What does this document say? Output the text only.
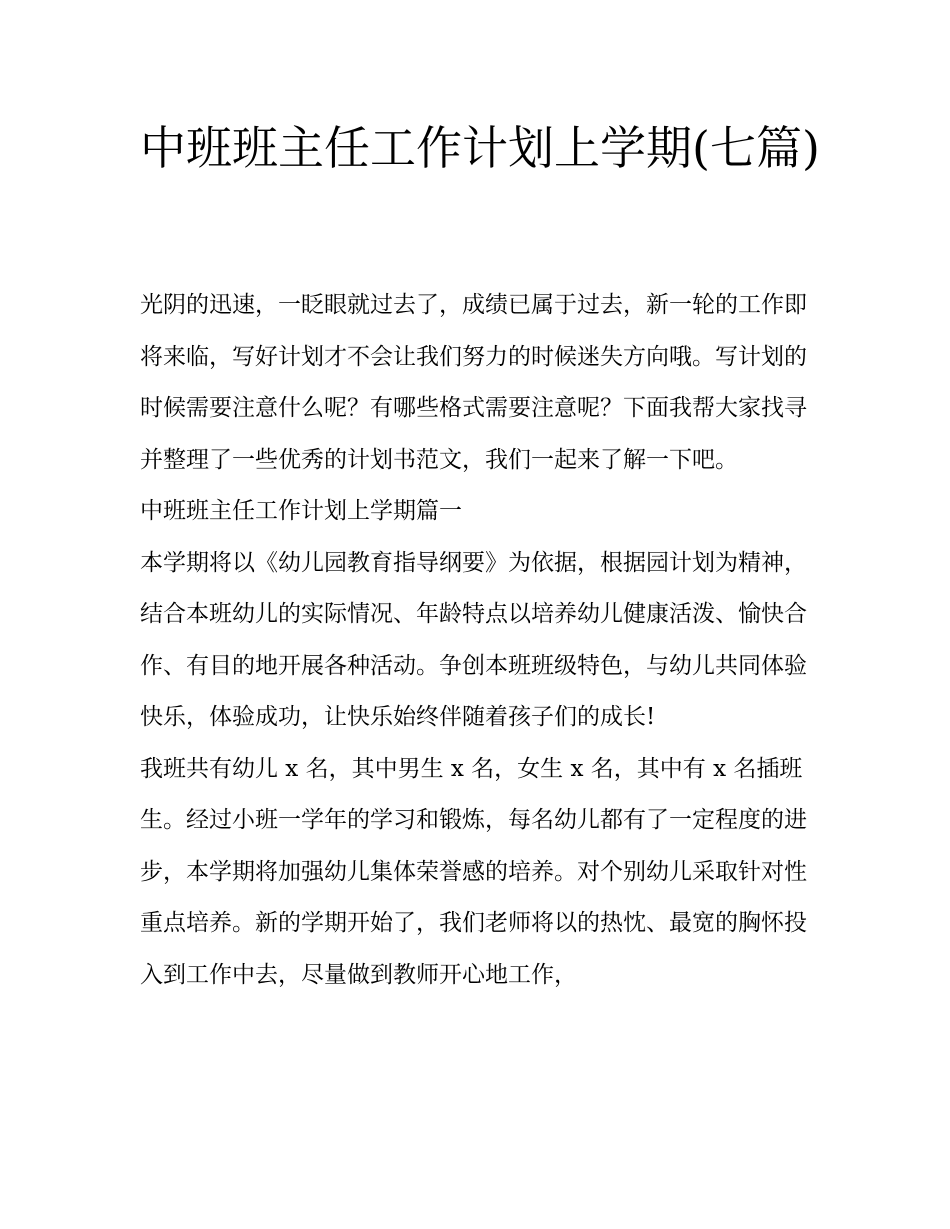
中班班主任工作计划上学期(七篇)

光阴的迅速，一眨眼就过去了，成绩已属于过去，新一轮的工作即将来临，写好计划才不会让我们努力的时候迷失方向哦。写计划的时候需要注意什么呢？有哪些格式需要注意呢？下面我帮大家找寻并整理了一些优秀的计划书范文，我们一起来了解一下吧。

中班班主任工作计划上学期篇一

本学期将以《幼儿园教育指导纲要》为依据，根据园计划为精神，结合本班幼儿的实际情况、年龄特点以培养幼儿健康活泼、愉快合作、有目的地开展各种活动。争创本班班级特色，与幼儿共同体验快乐，体验成功，让快乐始终伴随着孩子们的成长!

我班共有幼儿 x 名，其中男生 x 名，女生 x 名，其中有 x 名插班生。经过小班一学年的学习和锻炼，每名幼儿都有了一定程度的进步，本学期将加强幼儿集体荣誉感的培养。对个别幼儿采取针对性重点培养。新的学期开始了，我们老师将以的热忱、最宽的胸怀投入到工作中去，尽量做到教师开心地工作，
